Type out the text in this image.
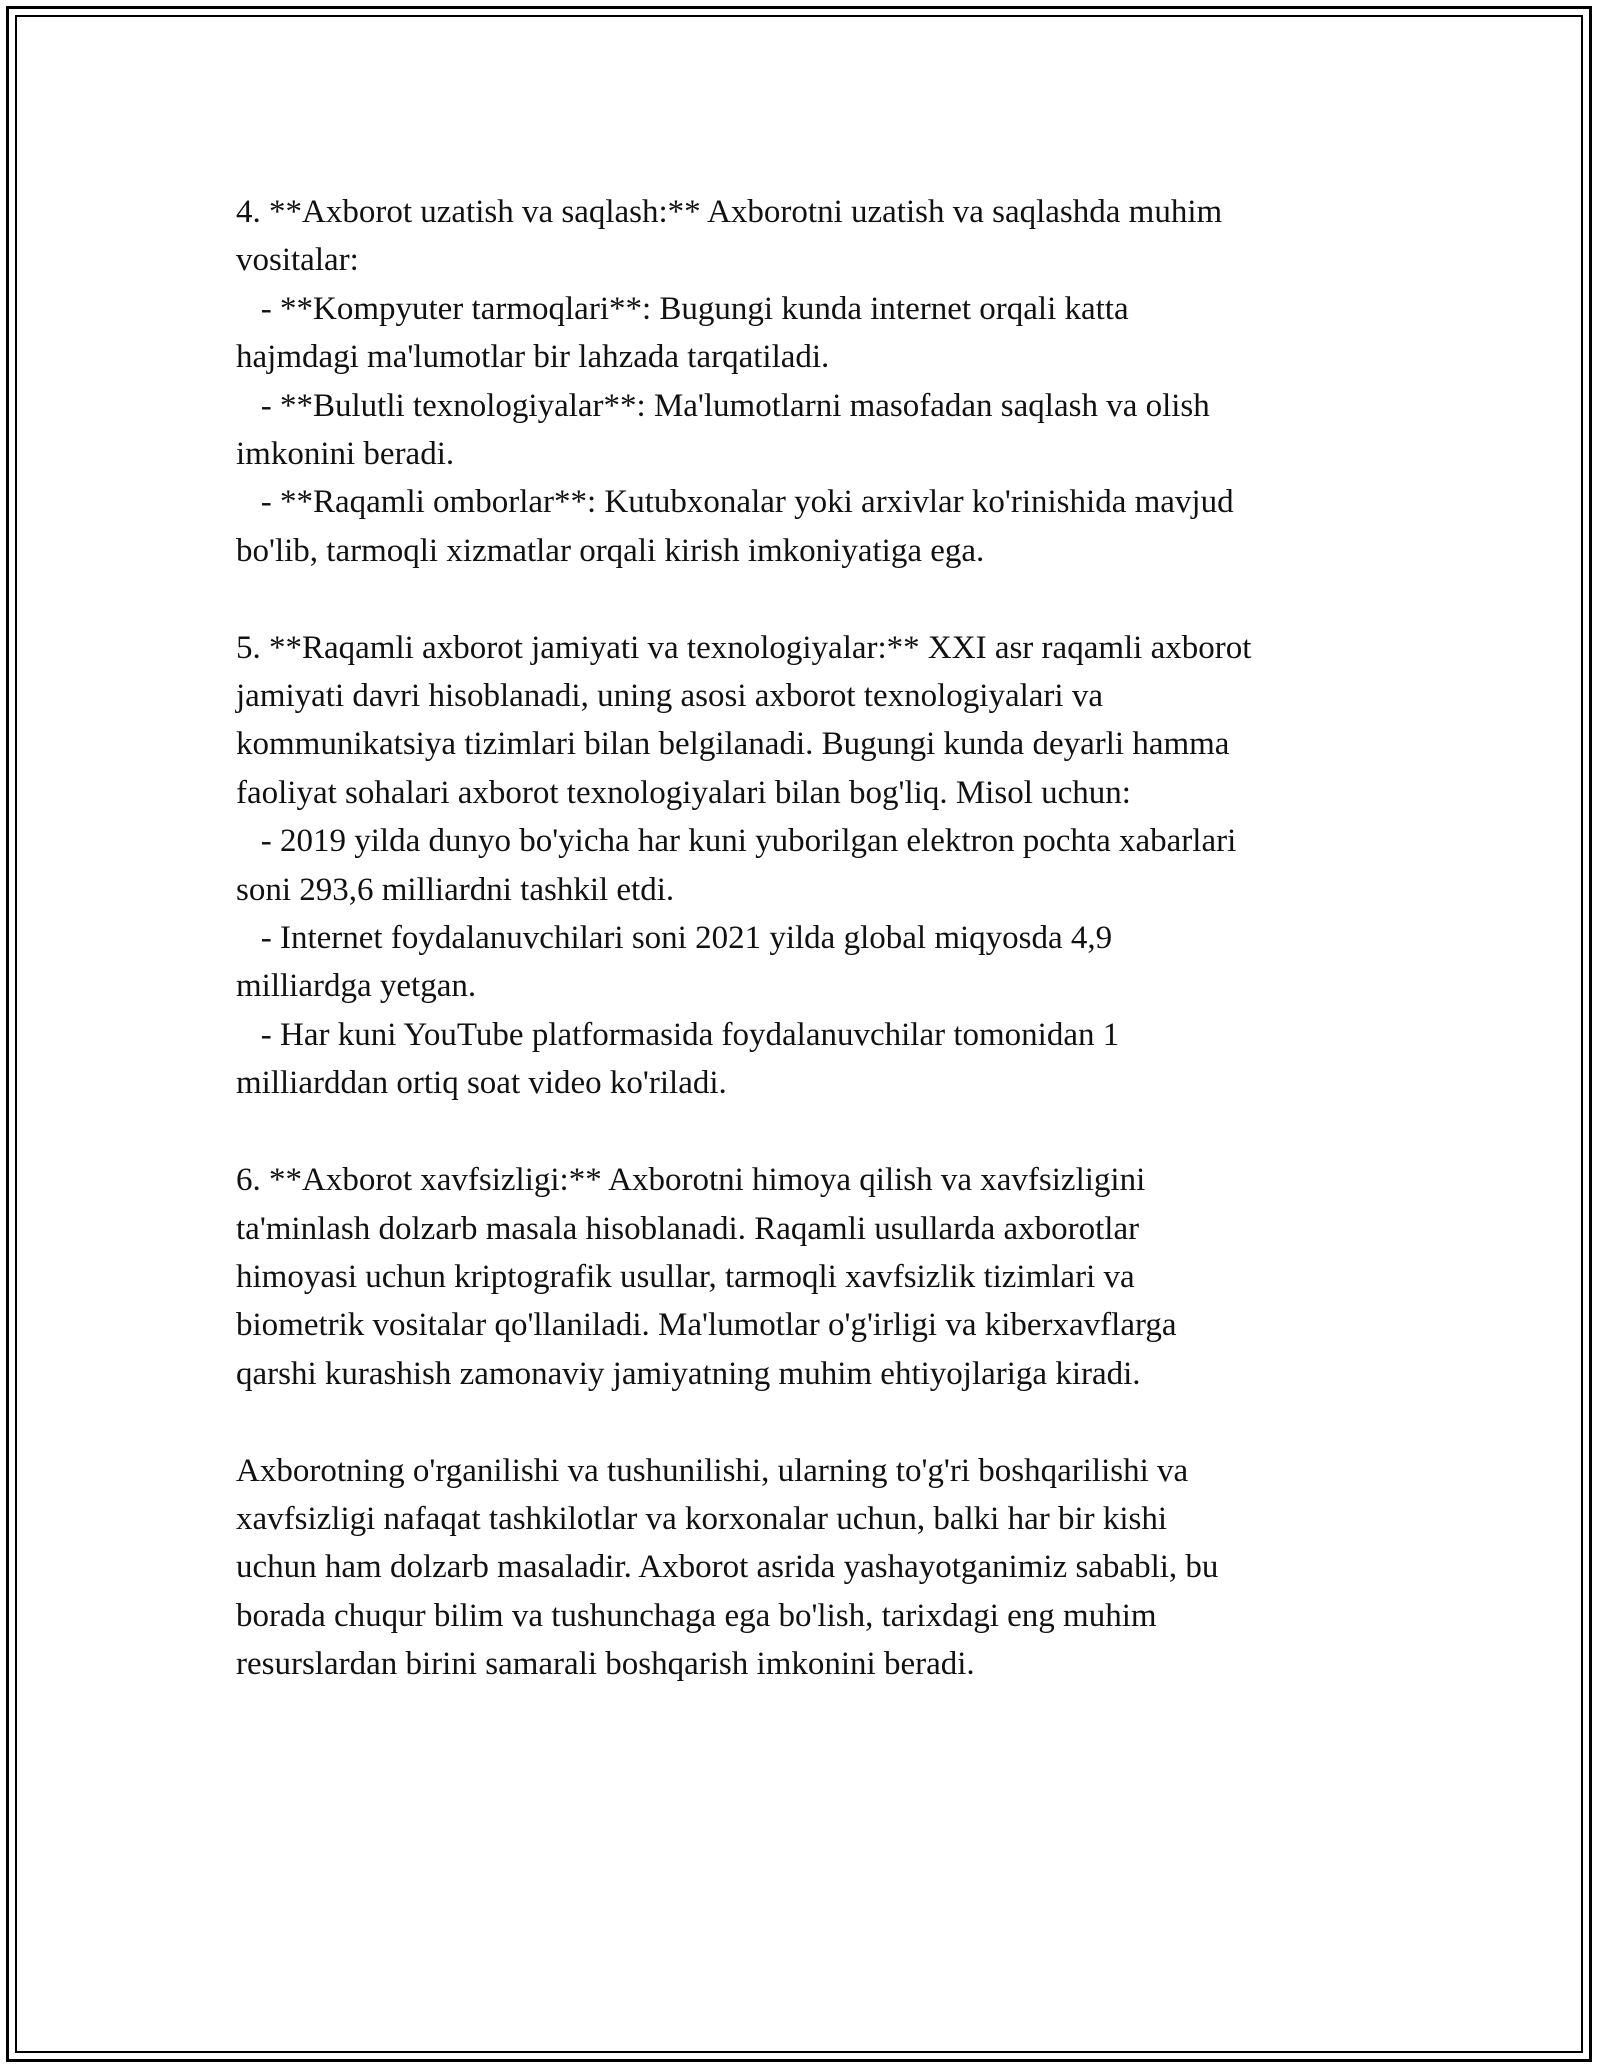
4. **Axborot uzatish va saqlash:** Axborotni uzatish va saqlashda muhim
vositalar:
- **Kompyuter tarmoqlari**: Bugungi kunda internet orqali katta
hajmdagi ma'lumotlar bir lahzada tarqatiladi.
- **Bulutli texnologiyalar**: Ma'lumotlarni masofadan saqlash va olish
imkonini beradi.
- **Raqamli omborlar**: Kutubxonalar yoki arxivlar ko'rinishida mavjud
bo'lib, tarmoqli xizmatlar orqali kirish imkoniyatiga ega.
5. **Raqamli axborot jamiyati va texnologiyalar:** XXI asr raqamli axborot
jamiyati davri hisoblanadi, uning asosi axborot texnologiyalari va
kommunikatsiya tizimlari bilan belgilanadi. Bugungi kunda deyarli hamma
faoliyat sohalari axborot texnologiyalari bilan bog'liq. Misol uchun:
- 2019 yilda dunyo bo'yicha har kuni yuborilgan elektron pochta xabarlari
soni 293,6 milliardni tashkil etdi.
- Internet foydalanuvchilari soni 2021 yilda global miqyosda 4,9
milliardga yetgan.
- Har kuni YouTube platformasida foydalanuvchilar tomonidan 1
milliarddan ortiq soat video ko'riladi.
6. **Axborot xavfsizligi:** Axborotni himoya qilish va xavfsizligini
ta'minlash dolzarb masala hisoblanadi. Raqamli usullarda axborotlar
himoyasi uchun kriptografik usullar, tarmoqli xavfsizlik tizimlari va
biometrik vositalar qo'llaniladi. Ma'lumotlar o'g'irligi va kiberxavflarga
qarshi kurashish zamonaviy jamiyatning muhim ehtiyojlariga kiradi.
Axborotning o'rganilishi va tushunilishi, ularning to'g'ri boshqarilishi va
xavfsizligi nafaqat tashkilotlar va korxonalar uchun, balki har bir kishi
uchun ham dolzarb masaladir. Axborot asrida yashayotganimiz sababli, bu
borada chuqur bilim va tushunchaga ega bo'lish, tarixdagi eng muhim
resurslardan birini samarali boshqarish imkonini beradi.
